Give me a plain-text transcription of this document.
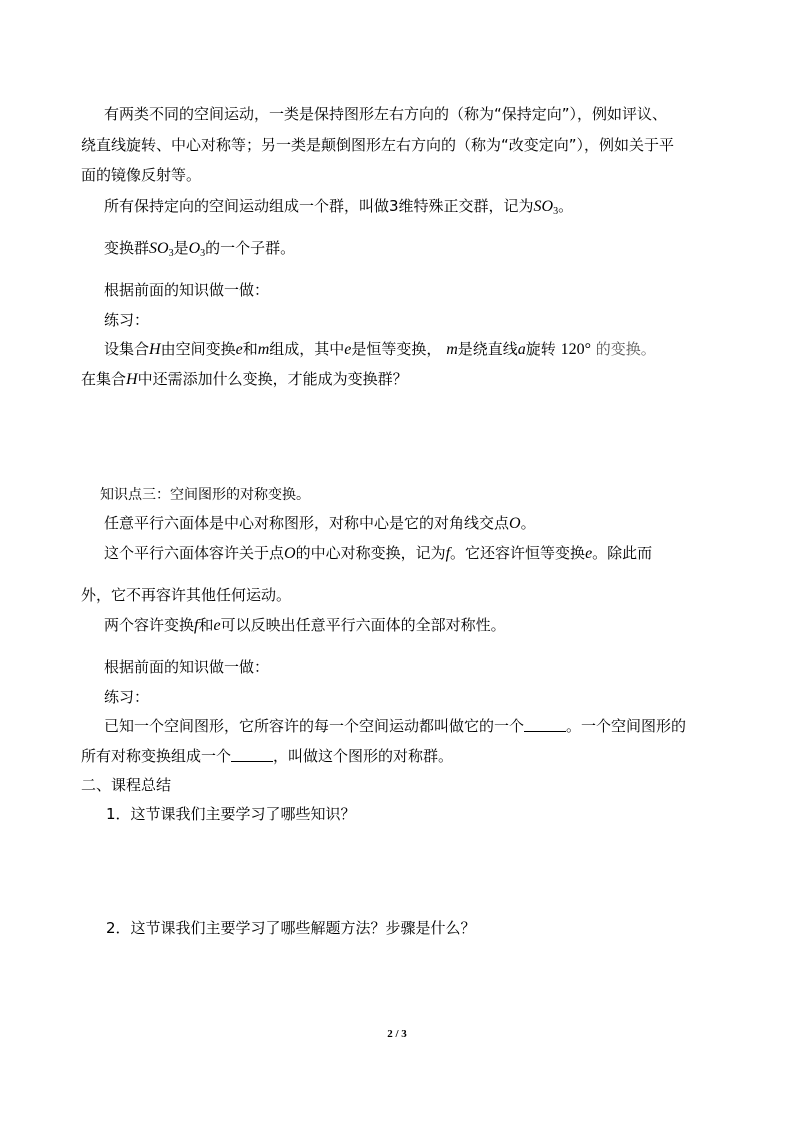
有两类不同的空间运动，一类是保持图形左右方向的（称为“保持定向”），例如评议、
绕直线旋转、中心对称等；另一类是颠倒图形左右方向的（称为“改变定向”），例如关于平
面的镜像反射等。
所有保持定向的空间运动组成一个群，叫做3维特殊正交群，记为$SO_3$。
变换群$SO_3$是$O_3$的一个子群。
根据前面的知识做一做：
练习：
设集合H由空间变换e和m组成，其中e是恒等变换， m是绕直线a旋转 120° 的变换。
在集合H中还需添加什么变换，才能成为变换群？
知识点三：空间图形的对称变换。
任意平行六面体是中心对称图形，对称中心是它的对角线交点O。
这个平行六面体容许关于点O的中心对称变换，记为f。它还容许恒等变换e。除此而
外，它不再容许其他任何运动。
两个容许变换f和e可以反映出任意平行六面体的全部对称性。
根据前面的知识做一做：
练习：
已知一个空间图形，它所容许的每一个空间运动都叫做它的一个	。一个空间图形的
所有对称变换组成一个	，叫做这个图形的对称群。
二、课程总结
1．这节课我们主要学习了哪些知识？
2．这节课我们主要学习了哪些解题方法？步骤是什么？
2 / 3
